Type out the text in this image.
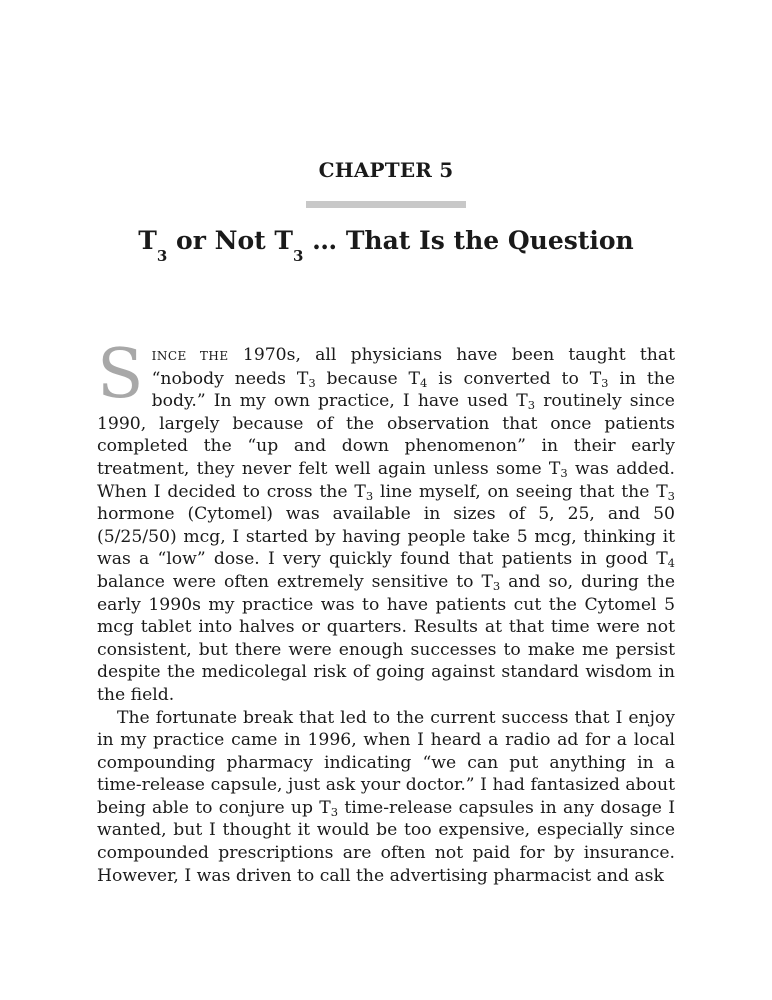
CHAPTER 5
$T_3$ or Not $T_3$ … That Is the Question

SINCE THE 1970s, all physicians have been taught that “nobody needs $T_3$ because $T_4$ is converted to $T_3$ in the body.” In my own practice, I have used $T_3$ routinely since 1990, largely because of the observation that once patients completed the “up and down phenomenon” in their early treatment, they never felt well again unless some $T_3$ was added. When I decided to cross the $T_3$ line myself, on seeing that the $T_3$ hormone (Cytomel) was available in sizes of 5, 25, and 50 (5/25/50) mcg, I started by having people take 5 mcg, thinking it was a “low” dose. I very quickly found that patients in good $T_4$ balance were often extremely sensitive to $T_3$ and so, during the early 1990s my practice was to have patients cut the Cytomel 5 mcg tablet into halves or quarters. Results at that time were not consistent, but there were enough successes to make me persist despite the medicolegal risk of going against standard wisdom in the field.

The fortunate break that led to the current success that I enjoy in my practice came in 1996, when I heard a radio ad for a local compounding pharmacy indicating “we can put anything in a time-release capsule, just ask your doctor.” I had fantasized about being able to conjure up $T_3$ time-release capsules in any dosage I wanted, but I thought it would be too expensive, especially since compounded prescriptions are often not paid for by insurance. However, I was driven to call the advertising pharmacist and ask
